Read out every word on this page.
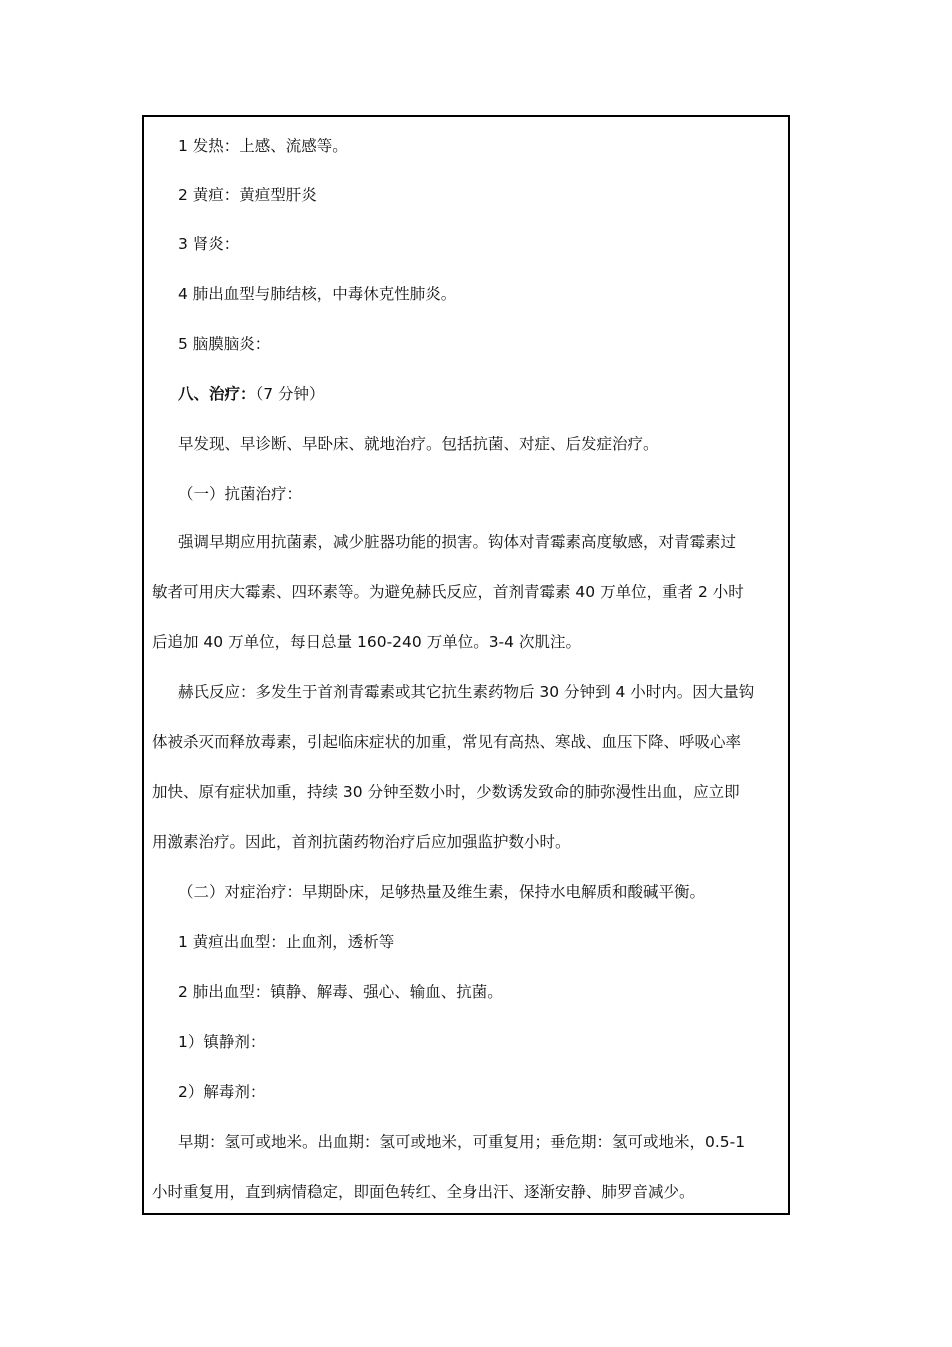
1 发热：上感、流感等。
2 黄疸：黄疸型肝炎
3 肾炎：
4 肺出血型与肺结核，中毒休克性肺炎。
5 脑膜脑炎：
八、治疗：（7 分钟）
早发现、早诊断、早卧床、就地治疗。包括抗菌、对症、后发症治疗。
（一）抗菌治疗：
强调早期应用抗菌素，减少脏器功能的损害。钩体对青霉素高度敏感，对青霉素过
敏者可用庆大霉素、四环素等。为避免赫氏反应，首剂青霉素 40 万单位，重者 2 小时
后追加 40 万单位，每日总量 160-240 万单位。3-4 次肌注。
赫氏反应：多发生于首剂青霉素或其它抗生素药物后 30 分钟到 4 小时内。因大量钩
体被杀灭而释放毒素，引起临床症状的加重，常见有高热、寒战、血压下降、呼吸心率
加快、原有症状加重，持续 30 分钟至数小时，少数诱发致命的肺弥漫性出血，应立即
用激素治疗。因此，首剂抗菌药物治疗后应加强监护数小时。
（二）对症治疗：早期卧床，足够热量及维生素，保持水电解质和酸碱平衡。
1 黄疸出血型：止血剂，透析等
2 肺出血型：镇静、解毒、强心、输血、抗菌。
1）镇静剂：
2）解毒剂：
早期：氢可或地米。出血期：氢可或地米，可重复用；垂危期：氢可或地米，0.5-1
小时重复用，直到病情稳定，即面色转红、全身出汗、逐渐安静、肺罗音减少。
